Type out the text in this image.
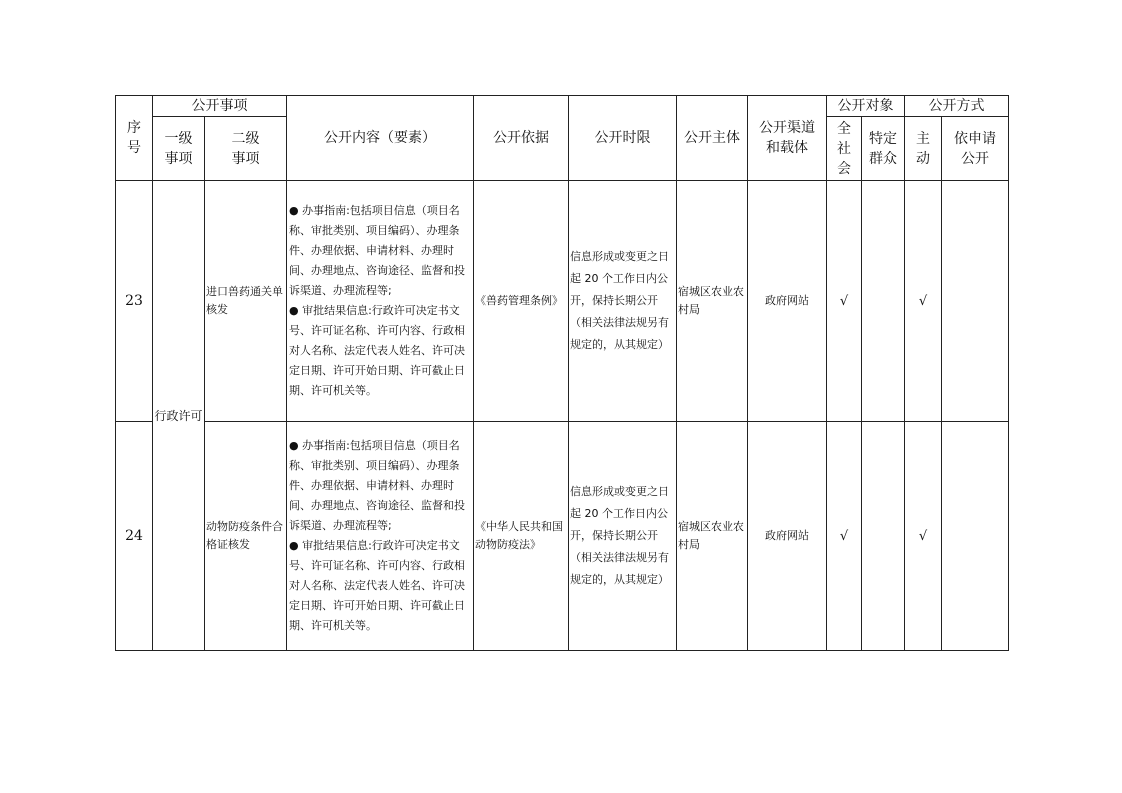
序号	公开事项		公开内容（要素）	公开依据	公开时限	公开主体	公开渠道和载体	公开对象		公开方式	

	一级事项	二级事项						全社会	特定群众	主动	依申请公开

23	行政许可	进口兽药通关单核发	● 办事指南:包括项目信息（项目名称、审批类别、项目编码）、办理条件、办理依据、申请材料、办理时间、办理地点、咨询途径、监督和投诉渠道、办理流程等;
● 审批结果信息:行政许可决定书文号、许可证名称、许可内容、行政相对人名称、法定代表人姓名、许可决定日期、许可开始日期、许可截止日期、许可机关等。	《兽药管理条例》	信息形成或变更之日起 20 个工作日内公开，保持长期公开（相关法律法规另有规定的，从其规定）	宿城区农业农村局	政府网站	√		√	
24		动物防疫条件合格证核发	● 办事指南:包括项目信息（项目名称、审批类别、项目编码）、办理条件、办理依据、申请材料、办理时间、办理地点、咨询途径、监督和投诉渠道、办理流程等;
● 审批结果信息:行政许可决定书文号、许可证名称、许可内容、行政相对人名称、法定代表人姓名、许可决定日期、许可开始日期、许可截止日期、许可机关等。	《中华人民共和国动物防疫法》	信息形成或变更之日起 20 个工作日内公开，保持长期公开（相关法律法规另有规定的，从其规定）	宿城区农业农村局	政府网站	√		√	
